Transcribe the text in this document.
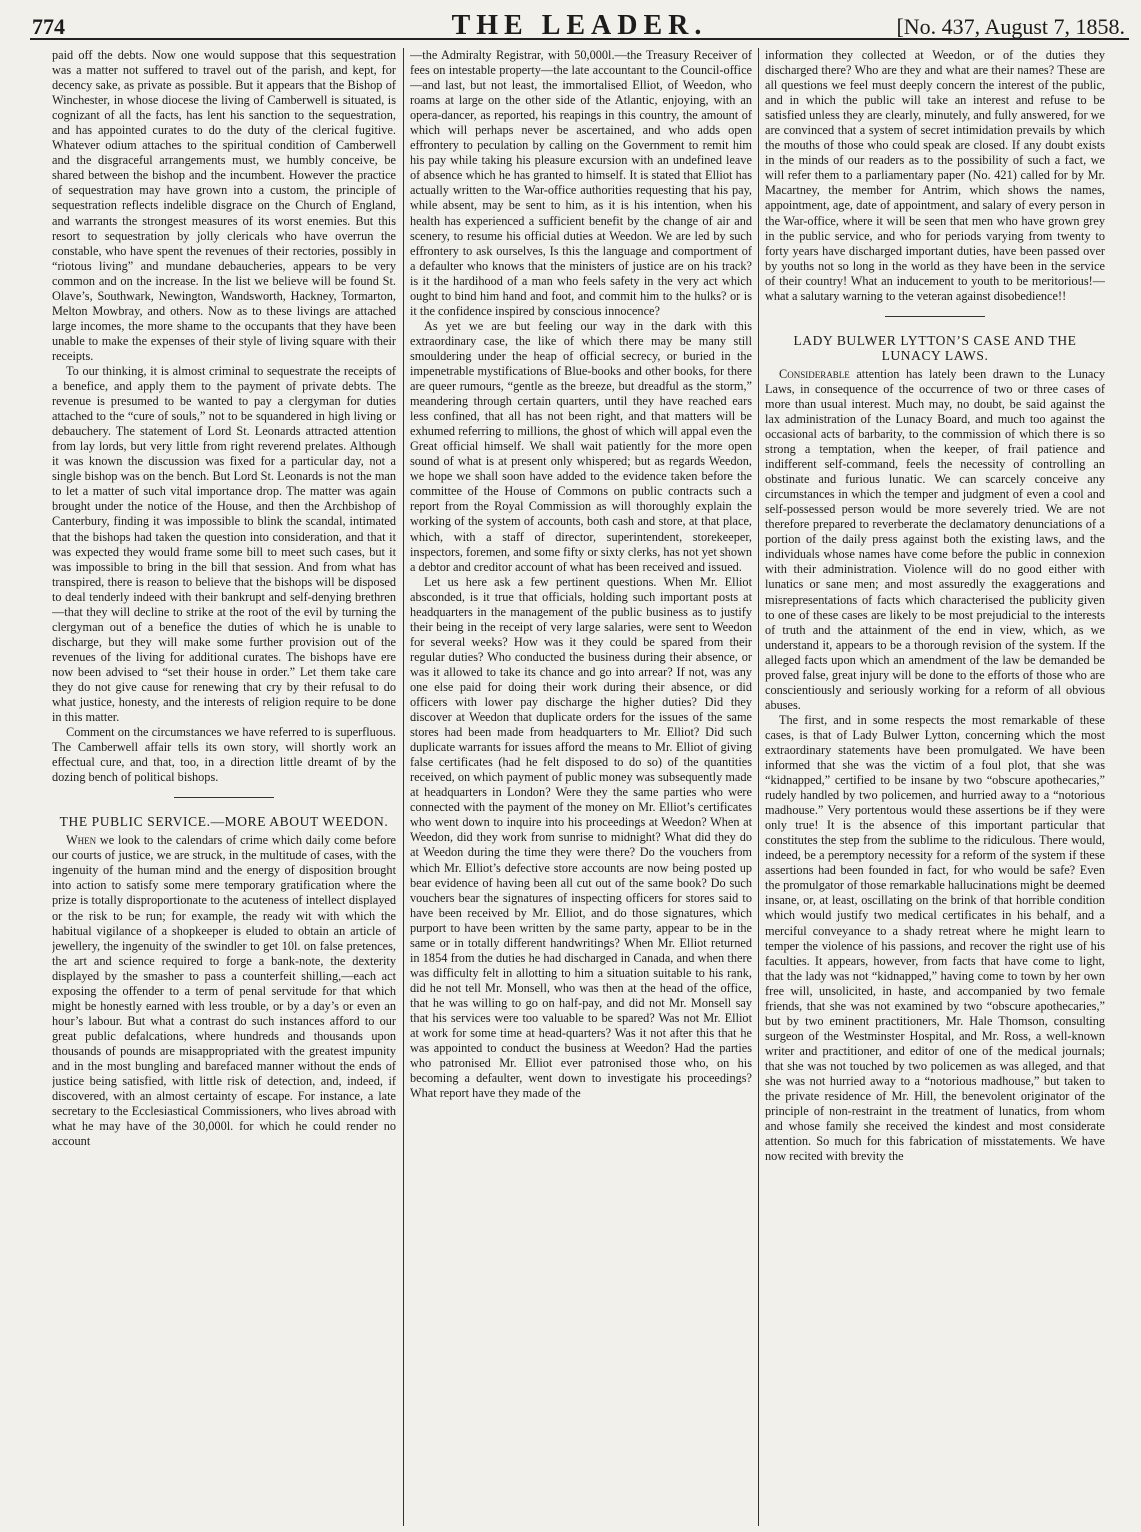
774	THE LEADER.	[No. 437, August 7, 1858.

paid off the debts. Now one would suppose that this sequestration was a matter not suffered to travel out of the parish, and kept, for decency sake, as private as possible. But it appears that the Bishop of Winchester, in whose diocese the living of Camberwell is situated, is cognizant of all the facts, has lent his sanction to the sequestration, and has appointed curates to do the duty of the clerical fugitive. Whatever odium attaches to the spiritual condition of Camberwell and the disgraceful arrangements must, we humbly conceive, be shared between the bishop and the incumbent. However the practice of sequestration may have grown into a custom, the principle of sequestration reflects indelible disgrace on the Church of England, and warrants the strongest measures of its worst enemies. But this resort to sequestration by jolly clericals who have overrun the constable, who have spent the revenues of their rectories, possibly in “riotous living” and mundane debaucheries, appears to be very common and on the increase. In the list we believe will be found St. Olave’s, Southwark, Newington, Wandsworth, Hackney, Tormarton, Melton Mowbray, and others. Now as to these livings are attached large incomes, the more shame to the occupants that they have been unable to make the expenses of their style of living square with their receipts.

To our thinking, it is almost criminal to sequestrate the receipts of a benefice, and apply them to the payment of private debts. The revenue is presumed to be wanted to pay a clergyman for duties attached to the “cure of souls,” not to be squandered in high living or debauchery. The statement of Lord St. Leonards attracted attention from lay lords, but very little from right reverend prelates. Although it was known the discussion was fixed for a particular day, not a single bishop was on the bench. But Lord St. Leonards is not the man to let a matter of such vital importance drop. The matter was again brought under the notice of the House, and then the Archbishop of Canterbury, finding it was impossible to blink the scandal, intimated that the bishops had taken the question into consideration, and that it was expected they would frame some bill to meet such cases, but it was impossible to bring in the bill that session. And from what has transpired, there is reason to believe that the bishops will be disposed to deal tenderly indeed with their bankrupt and self-denying brethren—that they will decline to strike at the root of the evil by turning the clergyman out of a benefice the duties of which he is unable to discharge, but they will make some further provision out of the revenues of the living for additional curates. The bishops have ere now been advised to “set their house in order.” Let them take care they do not give cause for renewing that cry by their refusal to do what justice, honesty, and the interests of religion require to be done in this matter.

Comment on the circumstances we have referred to is superfluous. The Camberwell affair tells its own story, will shortly work an effectual cure, and that, too, in a direction little dreamt of by the dozing bench of political bishops.

THE PUBLIC SERVICE.—MORE ABOUT WEEDON.

When we look to the calendars of crime which daily come before our courts of justice, we are struck, in the multitude of cases, with the ingenuity of the human mind and the energy of disposition brought into action to satisfy some mere temporary gratification where the prize is totally disproportionate to the acuteness of intellect displayed or the risk to be run; for example, the ready wit with which the habitual vigilance of a shopkeeper is eluded to obtain an article of jewellery, the ingenuity of the swindler to get 10l. on false pretences, the art and science required to forge a bank-note, the dexterity displayed by the smasher to pass a counterfeit shilling,—each act exposing the offender to a term of penal servitude for that which might be honestly earned with less trouble, or by a day’s or even an hour’s labour. But what a contrast do such instances afford to our great public defalcations, where hundreds and thousands upon thousands of pounds are misappropriated with the greatest impunity and in the most bungling and barefaced manner without the ends of justice being satisfied, with little risk of detection, and, indeed, if discovered, with an almost certainty of escape. For instance, a late secretary to the Ecclesiastical Commissioners, who lives abroad with what he may have of the 30,000l. for which he could render no account

—the Admiralty Registrar, with 50,000l.—the Treasury Receiver of fees on intestable property—the late accountant to the Council-office—and last, but not least, the immortalised Elliot, of Weedon, who roams at large on the other side of the Atlantic, enjoying, with an opera-dancer, as reported, his reapings in this country, the amount of which will perhaps never be ascertained, and who adds open effrontery to peculation by calling on the Government to remit him his pay while taking his pleasure excursion with an undefined leave of absence which he has granted to himself. It is stated that Elliot has actually written to the War-office authorities requesting that his pay, while absent, may be sent to him, as it is his intention, when his health has experienced a sufficient benefit by the change of air and scenery, to resume his official duties at Weedon. We are led by such effrontery to ask ourselves, Is this the language and comportment of a defaulter who knows that the ministers of justice are on his track? is it the hardihood of a man who feels safety in the very act which ought to bind him hand and foot, and commit him to the hulks? or is it the confidence inspired by conscious innocence?

As yet we are but feeling our way in the dark with this extraordinary case, the like of which there may be many still smouldering under the heap of official secrecy, or buried in the impenetrable mystifications of Blue-books and other books, for there are queer rumours, “gentle as the breeze, but dreadful as the storm,” meandering through certain quarters, until they have reached ears less confined, that all has not been right, and that matters will be exhumed referring to millions, the ghost of which will appal even the Great official himself. We shall wait patiently for the more open sound of what is at present only whispered; but as regards Weedon, we hope we shall soon have added to the evidence taken before the committee of the House of Commons on public contracts such a report from the Royal Commission as will thoroughly explain the working of the system of accounts, both cash and store, at that place, which, with a staff of director, superintendent, storekeeper, inspectors, foremen, and some fifty or sixty clerks, has not yet shown a debtor and creditor account of what has been received and issued.

Let us here ask a few pertinent questions. When Mr. Elliot absconded, is it true that officials, holding such important posts at headquarters in the management of the public business as to justify their being in the receipt of very large salaries, were sent to Weedon for several weeks? How was it they could be spared from their regular duties? Who conducted the business during their absence, or was it allowed to take its chance and go into arrear? If not, was any one else paid for doing their work during their absence, or did officers with lower pay discharge the higher duties? Did they discover at Weedon that duplicate orders for the issues of the same stores had been made from headquarters to Mr. Elliot? Did such duplicate warrants for issues afford the means to Mr. Elliot of giving false certificates (had he felt disposed to do so) of the quantities received, on which payment of public money was subsequently made at headquarters in London? Were they the same parties who were connected with the payment of the money on Mr. Elliot’s certificates who went down to inquire into his proceedings at Weedon? When at Weedon, did they work from sunrise to midnight? What did they do at Weedon during the time they were there? Do the vouchers from which Mr. Elliot’s defective store accounts are now being posted up bear evidence of having been all cut out of the same book? Do such vouchers bear the signatures of inspecting officers for stores said to have been received by Mr. Elliot, and do those signatures, which purport to have been written by the same party, appear to be in the same or in totally different handwritings? When Mr. Elliot returned in 1854 from the duties he had discharged in Canada, and when there was difficulty felt in allotting to him a situation suitable to his rank, did he not tell Mr. Monsell, who was then at the head of the office, that he was willing to go on half-pay, and did not Mr. Monsell say that his services were too valuable to be spared? Was not Mr. Elliot at work for some time at head-quarters? Was it not after this that he was appointed to conduct the business at Weedon? Had the parties who patronised Mr. Elliot ever patronised those who, on his becoming a defaulter, went down to investigate his proceedings? What report have they made of the

information they collected at Weedon, or of the duties they discharged there? Who are they and what are their names? These are all questions we feel must deeply concern the interest of the public, and in which the public will take an interest and refuse to be satisfied unless they are clearly, minutely, and fully answered, for we are convinced that a system of secret intimidation prevails by which the mouths of those who could speak are closed. If any doubt exists in the minds of our readers as to the possibility of such a fact, we will refer them to a parliamentary paper (No. 421) called for by Mr. Macartney, the member for Antrim, which shows the names, appointment, age, date of appointment, and salary of every person in the War-office, where it will be seen that men who have grown grey in the public service, and who for periods varying from twenty to forty years have discharged important duties, have been passed over by youths not so long in the world as they have been in the service of their country! What an inducement to youth to be meritorious!—what a salutary warning to the veteran against disobedience!!

LADY BULWER LYTTON’S CASE AND THE LUNACY LAWS.

Considerable attention has lately been drawn to the Lunacy Laws, in consequence of the occurrence of two or three cases of more than usual interest. Much may, no doubt, be said against the lax administration of the Lunacy Board, and much too against the occasional acts of barbarity, to the commission of which there is so strong a temptation, when the keeper, of frail patience and indifferent self-command, feels the necessity of controlling an obstinate and furious lunatic. We can scarcely conceive any circumstances in which the temper and judgment of even a cool and self-possessed person would be more severely tried. We are not therefore prepared to reverberate the declamatory denunciations of a portion of the daily press against both the existing laws, and the individuals whose names have come before the public in connexion with their administration. Violence will do no good either with lunatics or sane men; and most assuredly the exaggerations and misrepresentations of facts which characterised the publicity given to one of these cases are likely to be most prejudicial to the interests of truth and the attainment of the end in view, which, as we understand it, appears to be a thorough revision of the system. If the alleged facts upon which an amendment of the law be demanded be proved false, great injury will be done to the efforts of those who are conscientiously and seriously working for a reform of all obvious abuses.

The first, and in some respects the most remarkable of these cases, is that of Lady Bulwer Lytton, concerning which the most extraordinary statements have been promulgated. We have been informed that she was the victim of a foul plot, that she was “kidnapped,” certified to be insane by two “obscure apothecaries,” rudely handled by two policemen, and hurried away to a “notorious madhouse.” Very portentous would these assertions be if they were only true! It is the absence of this important particular that constitutes the step from the sublime to the ridiculous. There would, indeed, be a peremptory necessity for a reform of the system if these assertions had been founded in fact, for who would be safe? Even the promulgator of those remarkable hallucinations might be deemed insane, or, at least, oscillating on the brink of that horrible condition which would justify two medical certificates in his behalf, and a merciful conveyance to a shady retreat where he might learn to temper the violence of his passions, and recover the right use of his faculties. It appears, however, from facts that have come to light, that the lady was not “kidnapped,” having come to town by her own free will, unsolicited, in haste, and accompanied by two female friends, that she was not examined by two “obscure apothecaries,” but by two eminent practitioners, Mr. Hale Thomson, consulting surgeon of the Westminster Hospital, and Mr. Ross, a well-known writer and practitioner, and editor of one of the medical journals; that she was not touched by two policemen as was alleged, and that she was not hurried away to a “notorious madhouse,” but taken to the private residence of Mr. Hill, the benevolent originator of the principle of non-restraint in the treatment of lunatics, from whom and whose family she received the kindest and most considerate attention. So much for this fabrication of misstatements. We have now recited with brevity the
